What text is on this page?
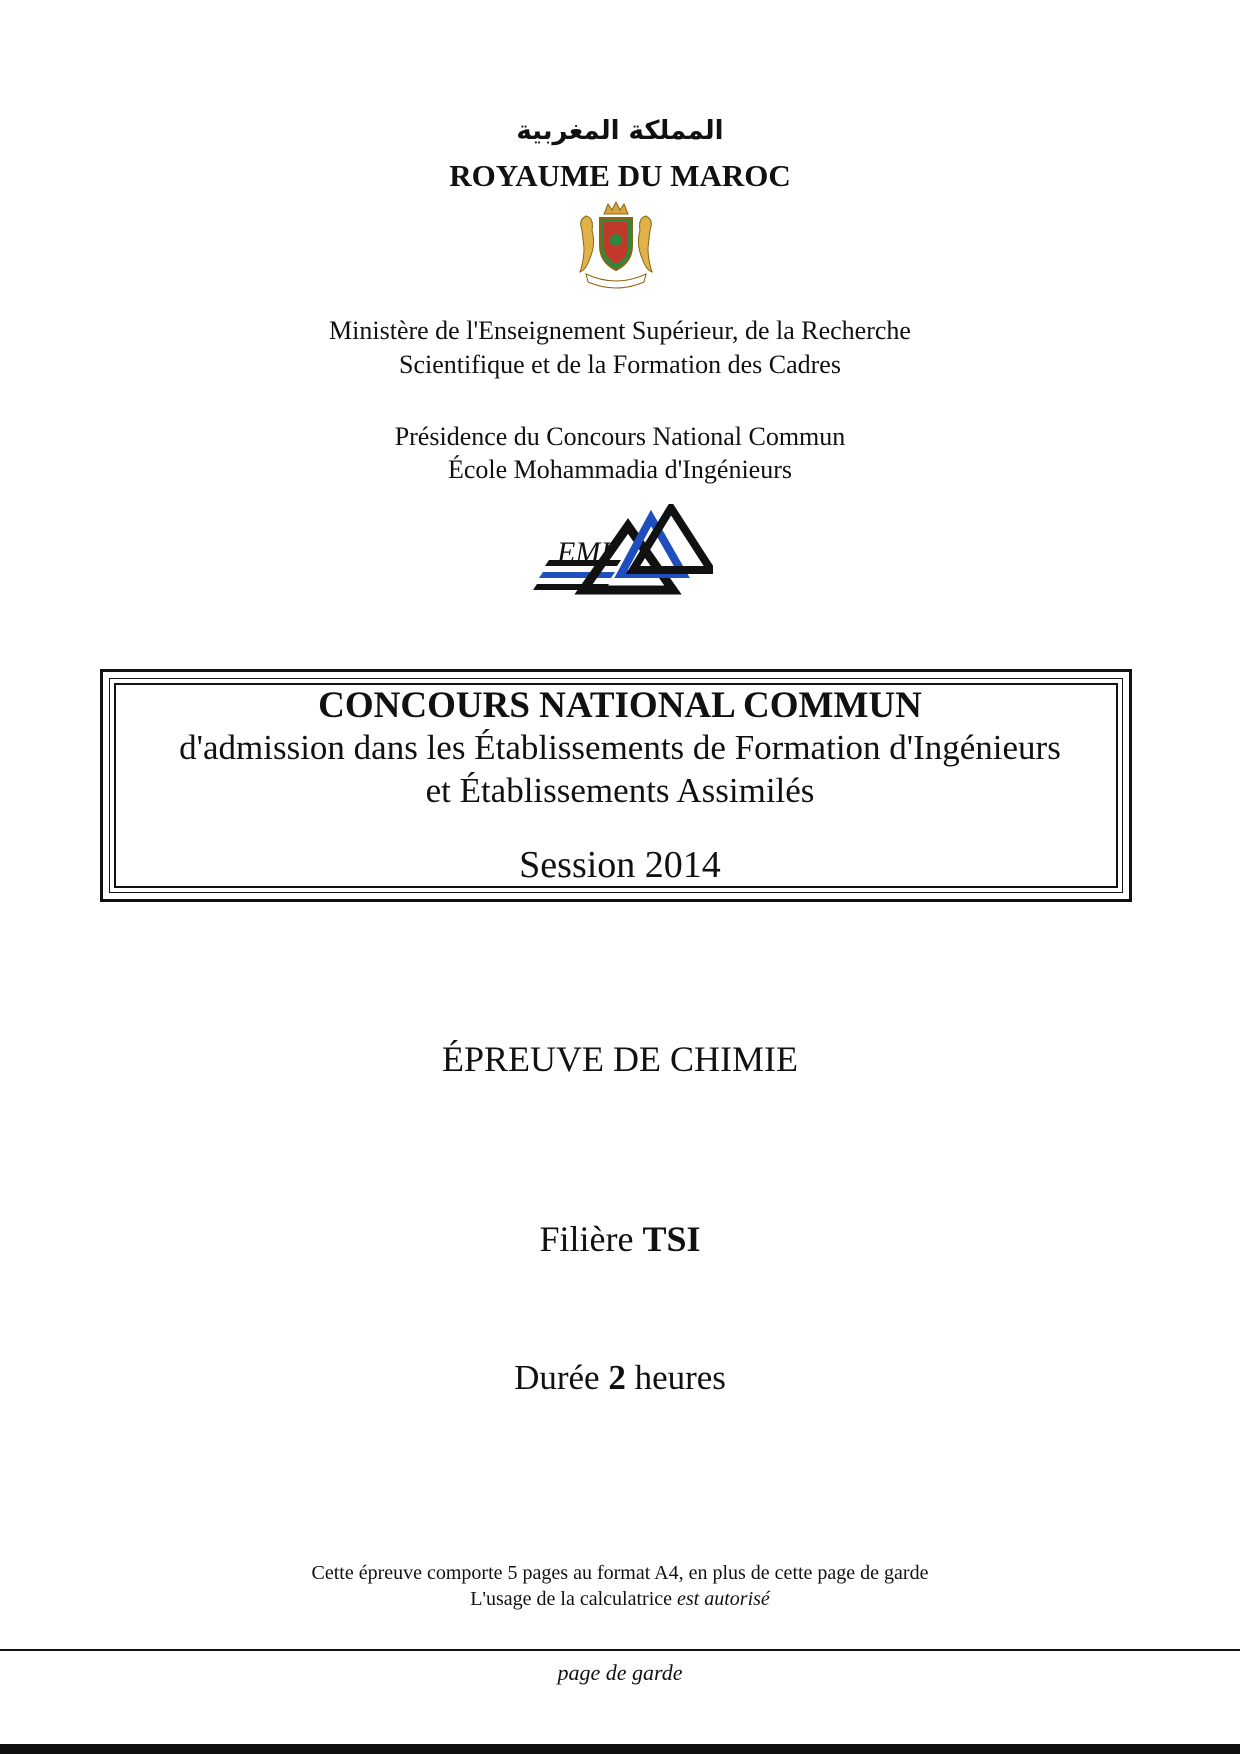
المملكة المغربية
ROYAUME DU MAROC
Ministère de l'Enseignement Supérieur, de la Recherche
Scientifique et de la Formation des Cadres
Présidence du Concours National Commun
École Mohammadia d'Ingénieurs
EMI
CONCOURS NATIONAL COMMUN
d'admission dans les Établissements de Formation d'Ingénieurs
et Établissements Assimilés
Session 2014
ÉPREUVE DE CHIMIE
Filière TSI
Durée 2 heures
Cette épreuve comporte 5 pages au format A4, en plus de cette page de garde
L'usage de la calculatrice est autorisé
page de garde
